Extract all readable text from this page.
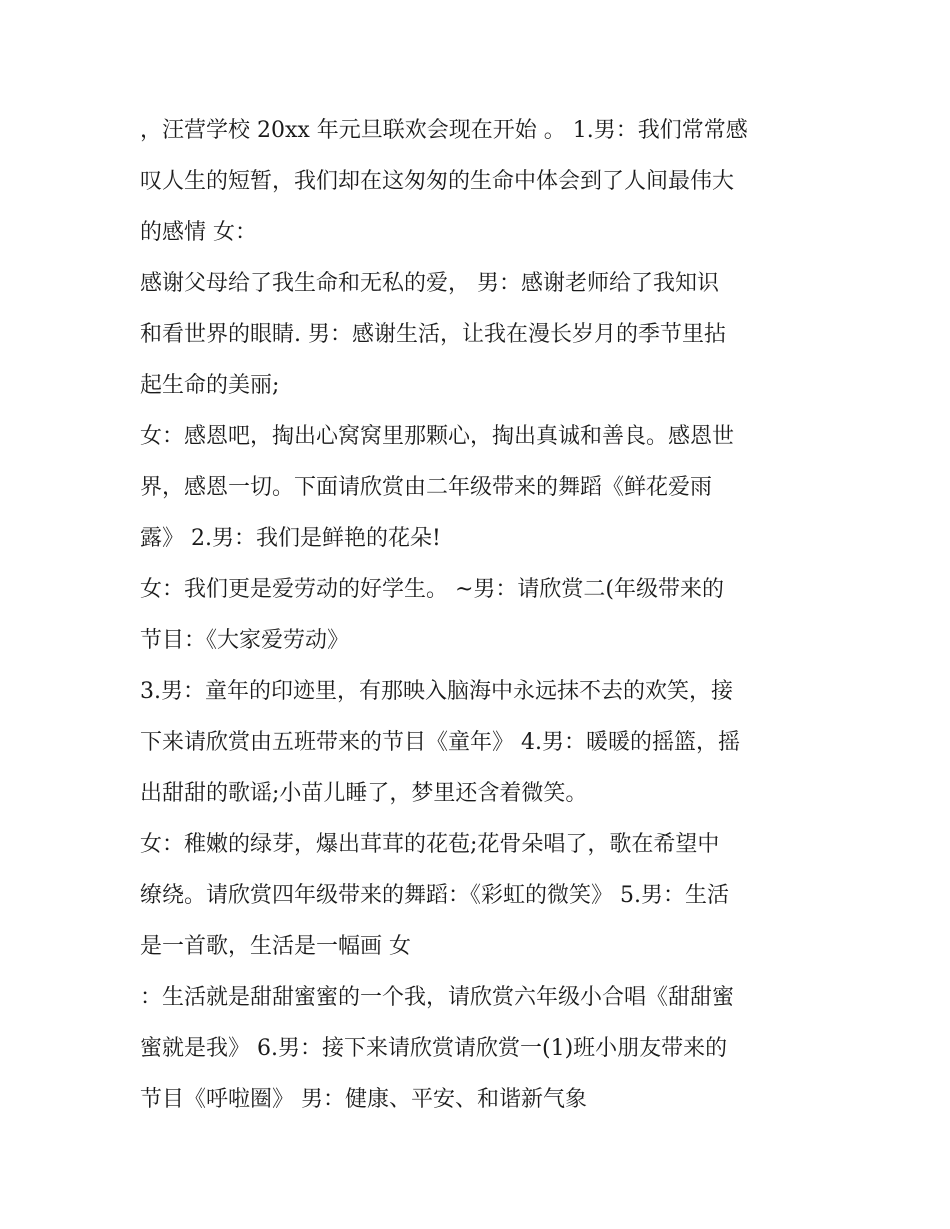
，汪营学校 20xx 年元旦联欢会现在开始 。 1.男：我们常常感
叹人生的短暂，我们却在这匆匆的生命中体会到了人间最伟大
的感情 女：
感谢父母给了我生命和无私的爱， 男：感谢老师给了我知识
和看世界的眼睛. 男：感谢生活，让我在漫长岁月的季节里拈
起生命的美丽;
女：感恩吧，掏出心窝窝里那颗心，掏出真诚和善良。感恩世
界，感恩一切。下面请欣赏由二年级带来的舞蹈《鲜花爱雨
露》 2.男：我们是鲜艳的花朵!
女：我们更是爱劳动的好学生。 ~男：请欣赏二(年级带来的
节目：《大家爱劳动》
3.男：童年的印迹里，有那映入脑海中永远抹不去的欢笑，接
下来请欣赏由五班带来的节目《童年》 4.男：暖暖的摇篮，摇
出甜甜的歌谣;小苗儿睡了，梦里还含着微笑。
女：稚嫩的绿芽，爆出茸茸的花苞;花骨朵唱了，歌在希望中
缭绕。请欣赏四年级带来的舞蹈：《彩虹的微笑》 5.男：生活
是一首歌，生活是一幅画 女
：生活就是甜甜蜜蜜的一个我，请欣赏六年级小合唱《甜甜蜜
蜜就是我》 6.男：接下来请欣赏请欣赏一(1)班小朋友带来的
节目《呼啦圈》 男：健康、平安、和谐新气象
